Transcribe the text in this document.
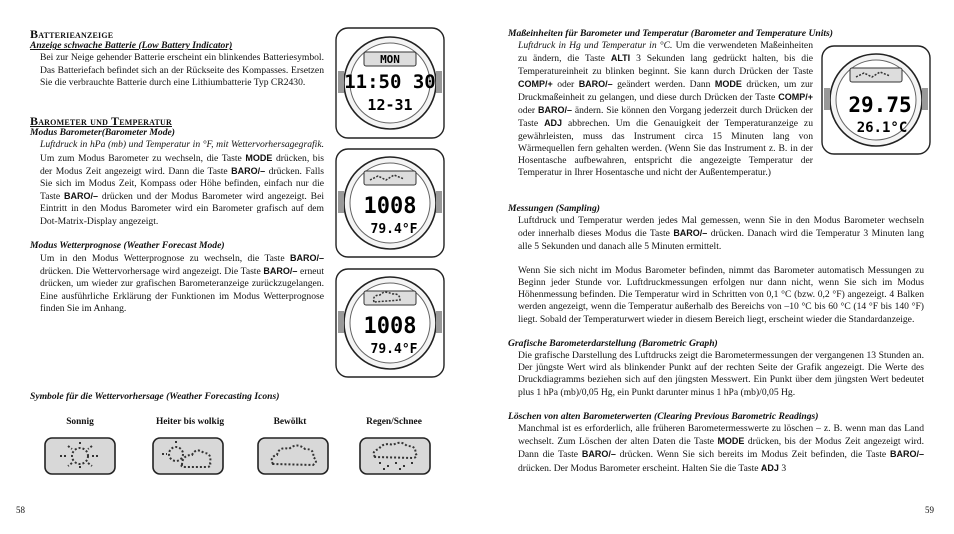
Batterieanzeige
Anzeige schwache Batterie (Low Battery Indicator)

Bei zur Neige gehender Batterie erscheint ein blinkendes Batteriesymbol. Das Batteriefach befindet sich an der Rückseite des Kompasses. Ersetzen Sie die verbrauchte Batterie durch eine Lithiumbatterie Typ CR2430.

Barometer und Temperatur
Modus Barometer(Barometer Mode)

Luftdruck in hPa (mb) und Temperatur in °F, mit Wettervorhersagegrafik. Um zum Modus Barometer zu wechseln, die Taste MODE drücken, bis der Modus Zeit angezeigt wird. Dann die Taste BARO/– drücken. Falls Sie sich im Modus Zeit, Kompass oder Höhe befinden, einfach nur die Taste BARO/– drücken und der Modus Barometer wird angezeigt. Bei Eintritt in den Modus Barometer wird ein Barometer grafisch auf dem Dot-Matrix-Display angezeigt.

Modus Wetterprognose (Weather Forecast Mode)

Um in den Modus Wetterprognose zu wechseln, die Taste BARO/– drücken. Die Wettervorhersage wird angezeigt. Die Taste BARO/– erneut drücken, um wieder zur grafischen Barometeranzeige zurückzugelangen. Eine ausführliche Erklärung der Funktionen im Modus Wetterprognose finden Sie im Anhang.

Symbole für die Wettervorhersage (Weather Forecasting Icons)
Sonnig	Heiter bis wolkig	Bewölkt	Regen/Schnee
58
MON
11:50 30
12-31
1008
79.4°F
1008
79.4°F
29.75
26.1°C
Maßeinheiten für Barometer und Temperatur (Barometer and Temperature Units)

Luftdruck in Hg und Temperatur in °C. Um die verwendeten Maßeinheiten zu ändern, die Taste ALTI 3 Sekunden lang gedrückt halten, bis die Temperatureinheit zu blinken beginnt. Sie kann durch Drücken der Taste COMP/+ oder BARO/– geändert werden. Dann MODE drücken, um zur Druckmaßeinheit zu gelangen, und diese durch Drücken der Taste COMP/+ oder BARO/– ändern. Sie können den Vorgang jederzeit durch Drücken der Taste ADJ abbrechen. Um die Genauigkeit der Temperaturanzeige zu gewährleisten, muss das Instrument circa 15 Minuten lang von Wärmequellen fern gehalten werden. (Wenn Sie das Instrument z. B. in der Hosentasche aufbewahren, entspricht die angezeigte Temperatur der Temperatur in Ihrer Hosentasche und nicht der Außentemperatur.)

Messungen (Sampling)

Luftdruck und Temperatur werden jedes Mal gemessen, wenn Sie in den Modus Barometer wechseln oder innerhalb dieses Modus die Taste BARO/– drücken. Danach wird die Temperatur 3 Minuten lang alle 5 Sekunden und danach alle 5 Minuten ermittelt.

Wenn Sie sich nicht im Modus Barometer befinden, nimmt das Barometer automatisch Messungen zu Beginn jeder Stunde vor. Luftdruckmessungen erfolgen nur dann nicht, wenn Sie sich im Modus Höhenmessung befinden. Die Temperatur wird in Schritten von 0,1 °C (bzw. 0,2 °F) angezeigt. 4 Balken werden angezeigt, wenn die Temperatur außerhalb des Bereichs von –10 °C bis 60 °C (14 °F bis 140 °F) liegt. Sobald der Temperaturwert wieder in diesem Bereich liegt, erscheint wieder die Standardanzeige.

Grafische Barometerdarstellung (Barometric Graph)

Die grafische Darstellung des Luftdrucks zeigt die Barometermessungen der vergangenen 13 Stunden an. Der jüngste Wert wird als blinkender Punkt auf der rechten Seite der Grafik angezeigt. Die Werte des Druckdiagramms beziehen sich auf den jüngsten Messwert. Ein Punkt über dem jüngsten Wert bedeutet plus 1 hPa (mb)/0,05 Hg, ein Punkt darunter minus 1 hPa (mb)/0,05 Hg.

Löschen von alten Barometerwerten (Clearing Previous Barometric Readings)

Manchmal ist es erforderlich, alle früheren Barometermesswerte zu löschen – z. B. wenn man das Land wechselt. Zum Löschen der alten Daten die Taste MODE drücken, bis der Modus Zeit angezeigt wird. Dann die Taste BARO/– drücken. Wenn Sie sich bereits im Modus Zeit befinden, die Taste BARO/– drücken. Der Modus Barometer erscheint. Halten Sie die Taste ADJ 3

59
